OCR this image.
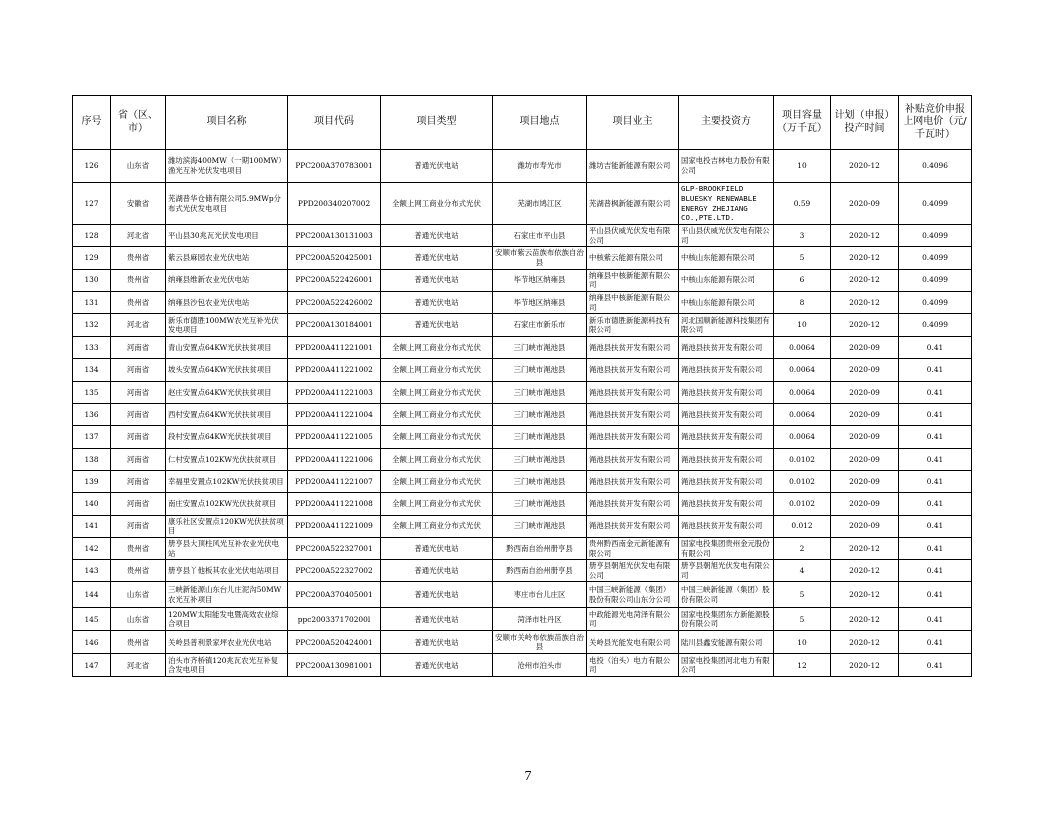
序号	省（区、市）	项目名称	项目代码	项目类型	项目地点	项目业主	主要投资方	项目容量（万千瓦）	计划（申报）投产时间	补贴竞价申报上网电价（元/千瓦时）
126	山东省	潍坊滨海400MW（一期100MW）渔光互补光伏发电项目	PPC200A370783001	普通光伏电站	潍坊市寿光市	潍坊吉能新能源有限公司	国家电投吉林电力股份有限公司	10	2020-12	0.4096
127	安徽省	芜湖普华仓储有限公司5.9MWp分布式光伏发电项目	PPD200340207002	全额上网工商业分布式光伏	芜湖市鸠江区	芜湖普枫新能源有限公司	GLP-BROOKFIELD BLUESKY RENEWABLE ENERGY ZHEJIANG CO.,PTE.LTD.	0.59	2020-09	0.4099
128	河北省	平山县30兆瓦光伏发电项目	PPC200A130131003	普通光伏电站	石家庄市平山县	平山县伏威光伏发电有限公司	平山县伏威光伏发电有限公司	3	2020-12	0.4099
129	贵州省	紫云县麻园农业光伏电站	PPC200A520425001	普通光伏电站	安顺市紫云苗族布依族自治县	中核紫云能源有限公司	中核山东能源有限公司	5	2020-12	0.4099
130	贵州省	纳雍县维新农业光伏电站	PPC200A522426001	普通光伏电站	毕节地区纳雍县	纳雍县中核新能源有限公司	中核山东能源有限公司	6	2020-12	0.4099
131	贵州省	纳雍县沙包农业光伏电站	PPC200A522426002	普通光伏电站	毕节地区纳雍县	纳雍县中核新能源有限公司	中核山东能源有限公司	8	2020-12	0.4099
132	河北省	新乐市德胜100MW农光互补光伏发电项目	PPC200A130184001	普通光伏电站	石家庄市新乐市	新乐市德胜新能源科技有限公司	河北国顺新能源科技集团有限公司	10	2020-12	0.4099
133	河南省	青山安置点64KW光伏扶贫项目	PPD200A411221001	全额上网工商业分布式光伏	三门峡市渑池县	渑池县扶贫开发有限公司	渑池县扶贫开发有限公司	0.0064	2020-09	0.41
134	河南省	坡头安置点64KW光伏扶贫项目	PPD200A411221002	全额上网工商业分布式光伏	三门峡市渑池县	渑池县扶贫开发有限公司	渑池县扶贫开发有限公司	0.0064	2020-09	0.41
135	河南省	赵庄安置点64KW光伏扶贫项目	PPD200A411221003	全额上网工商业分布式光伏	三门峡市渑池县	渑池县扶贫开发有限公司	渑池县扶贫开发有限公司	0.0064	2020-09	0.41
136	河南省	西村安置点64KW光伏扶贫项目	PPD200A411221004	全额上网工商业分布式光伏	三门峡市渑池县	渑池县扶贫开发有限公司	渑池县扶贫开发有限公司	0.0064	2020-09	0.41
137	河南省	段村安置点64KW光伏扶贫项目	PPD200A411221005	全额上网工商业分布式光伏	三门峡市渑池县	渑池县扶贫开发有限公司	渑池县扶贫开发有限公司	0.0064	2020-09	0.41
138	河南省	仁村安置点102KW光伏扶贫项目	PPD200A411221006	全额上网工商业分布式光伏	三门峡市渑池县	渑池县扶贫开发有限公司	渑池县扶贫开发有限公司	0.0102	2020-09	0.41
139	河南省	幸福里安置点102KW光伏扶贫项目	PPD200A411221007	全额上网工商业分布式光伏	三门峡市渑池县	渑池县扶贫开发有限公司	渑池县扶贫开发有限公司	0.0102	2020-09	0.41
140	河南省	南庄安置点102KW光伏扶贫项目	PPD200A411221008	全额上网工商业分布式光伏	三门峡市渑池县	渑池县扶贫开发有限公司	渑池县扶贫开发有限公司	0.0102	2020-09	0.41
141	河南省	康乐社区安置点120KW光伏扶贫项目	PPD200A411221009	全额上网工商业分布式光伏	三门峡市渑池县	渑池县扶贫开发有限公司	渑池县扶贫开发有限公司	0.012	2020-09	0.41
142	贵州省	册亨县大顶柱风光互补农业光伏电站	PPC200A522327001	普通光伏电站	黔西南自治州册亨县	贵州黔西南金元新能源有限公司	国家电投集团贵州金元股份有限公司	2	2020-12	0.41
143	贵州省	册亨县丫他板其农业光伏电站项目	PPC200A522327002	普通光伏电站	黔西南自治州册亨县	册亨县朝旭光伏发电有限公司	册亨县朝旭光伏发电有限公司	4	2020-12	0.41
144	山东省	三峡新能源山东台儿庄泥沟50MW农光互补项目	PPC200A370405001	普通光伏电站	枣庄市台儿庄区	中国三峡新能源（集团）股份有限公司山东分公司	中国三峡新能源（集团）股份有限公司	5	2020-12	0.41
145	山东省	120MW太阳能发电暨高效农业综合项目	ppc200337170200l	普通光伏电站	菏泽市牡丹区	中政能源光电菏泽有限公司	国家电投集团东方新能源股份有限公司	5	2020-12	0.41
146	贵州省	关岭县普利景家坪农业光伏电站	PPC200A520424001	普通光伏电站	安顺市关岭布依族苗族自治县	关岭县光能发电有限公司	陆川县鑫安能源有限公司	10	2020-12	0.41
147	河北省	泊头市齐桥镇120兆瓦农光互补复合发电项目	PPC200A130981001	普通光伏电站	沧州市泊头市	电投（泊头）电力有限公司	国家电投集团河北电力有限公司	12	2020-12	0.41
7
